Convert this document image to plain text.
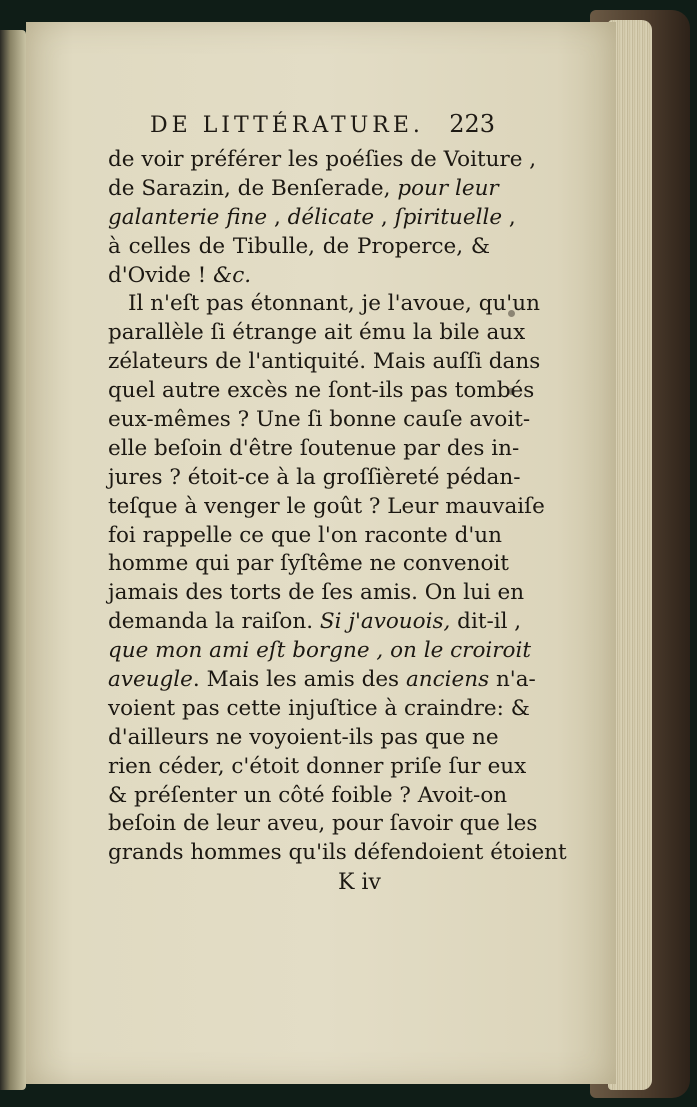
DE LITTÉRATURE. 223
de voir préférer les poéſies de Voiture ,
de Sarazin, de Benſerade, pour leur
galanterie fine , délicate , ſpirituelle ,
à celles de Tibulle, de Properce, &
d'Ovide ! &c.
Il n'eſt pas étonnant, je l'avoue, qu'un
parallèle ſi étrange ait ému la bile aux
zélateurs de l'antiquité. Mais auſſi dans
quel autre excès ne ſont-ils pas tombés
eux-mêmes ? Une ſi bonne cauſe avoit-
elle beſoin d'être ſoutenue par des in-
jures ? étoit-ce à la groſſièreté pédan-
teſque à venger le goût ? Leur mauvaiſe
foi rappelle ce que l'on raconte d'un
homme qui par ſyſtême ne convenoit
jamais des torts de ſes amis. On lui en
demanda la raiſon. Si j'avouois, dit-il ,
que mon ami eſt borgne , on le croiroit
aveugle. Mais les amis des anciens n'a-
voient pas cette injuſtice à craindre: &
d'ailleurs ne voyoient-ils pas que ne
rien céder, c'étoit donner priſe ſur eux
& préſenter un côté foible ? Avoit-on
beſoin de leur aveu, pour ſavoir que les
grands hommes qu'ils défendoient étoient
K iv
